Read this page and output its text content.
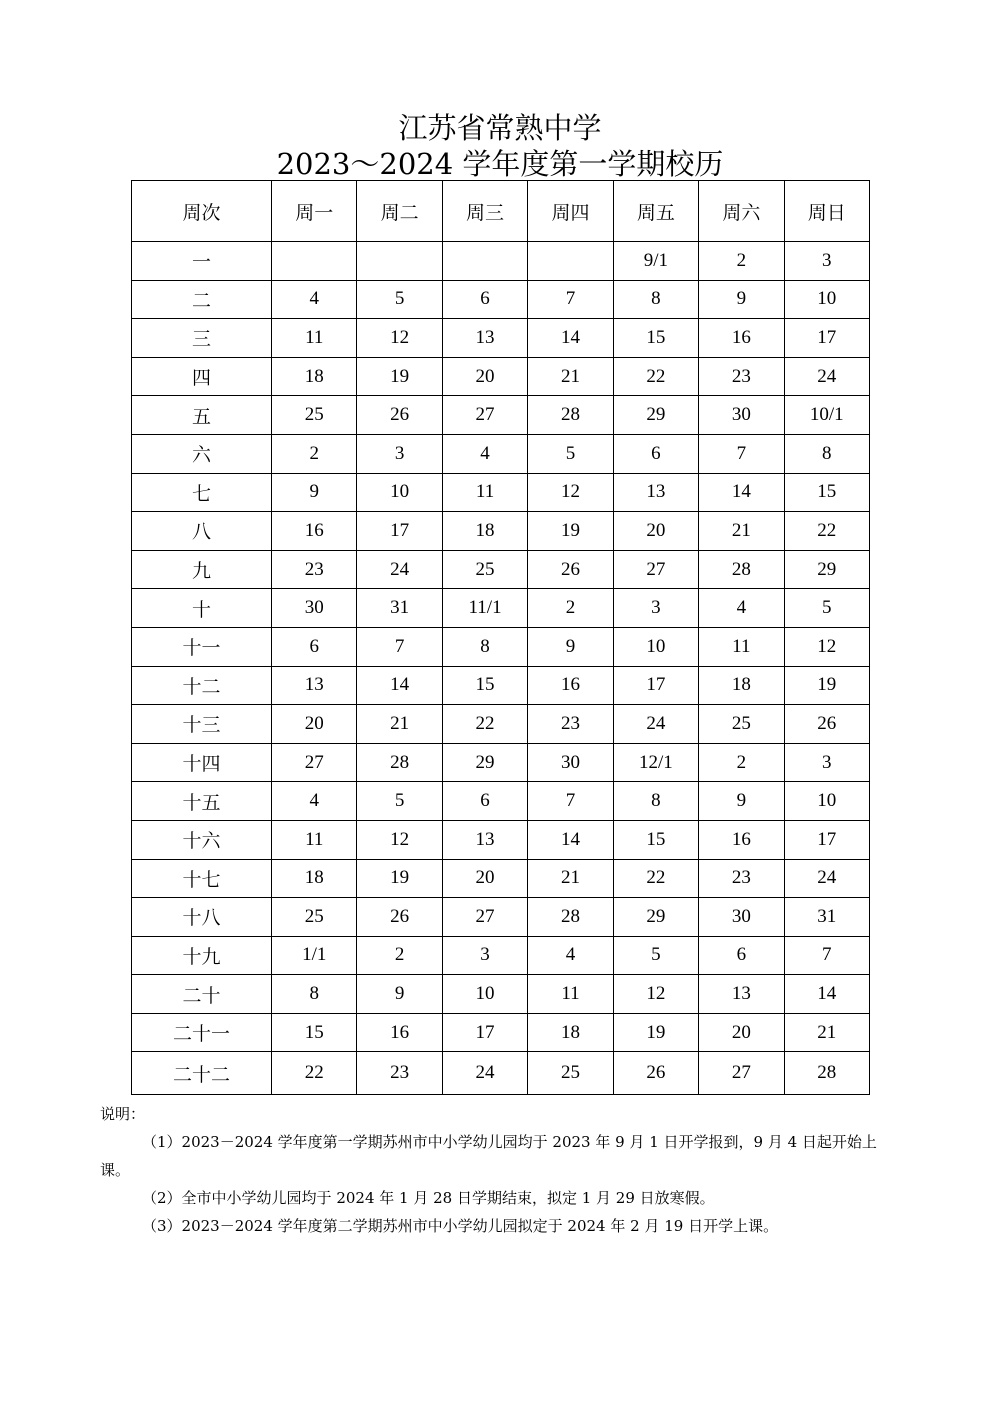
江苏省常熟中学
2023～2024 学年度第一学期校历
周次	周一	周二	周三	周四	周五	周六	周日
一					9/1	2	3
二	4	5	6	7	8	9	10
三	11	12	13	14	15	16	17
四	18	19	20	21	22	23	24
五	25	26	27	28	29	30	10/1
六	2	3	4	5	6	7	8
七	9	10	11	12	13	14	15
八	16	17	18	19	20	21	22
九	23	24	25	26	27	28	29
十	30	31	11/1	2	3	4	5
十一	6	7	8	9	10	11	12
十二	13	14	15	16	17	18	19
十三	20	21	22	23	24	25	26
十四	27	28	29	30	12/1	2	3
十五	4	5	6	7	8	9	10
十六	11	12	13	14	15	16	17
十七	18	19	20	21	22	23	24
十八	25	26	27	28	29	30	31
十九	1/1	2	3	4	5	6	7
二十	8	9	10	11	12	13	14
二十一	15	16	17	18	19	20	21
二十二	22	23	24	25	26	27	28

说明：

（1）2023－2024 学年度第一学期苏州市中小学幼儿园均于 2023 年 9 月 1 日开学报到，9 月 4 日起开始上课。

（2）全市中小学幼儿园均于 2024 年 1 月 28 日学期结束，拟定 1 月 29 日放寒假。

（3）2023－2024 学年度第二学期苏州市中小学幼儿园拟定于 2024 年 2 月 19 日开学上课。
